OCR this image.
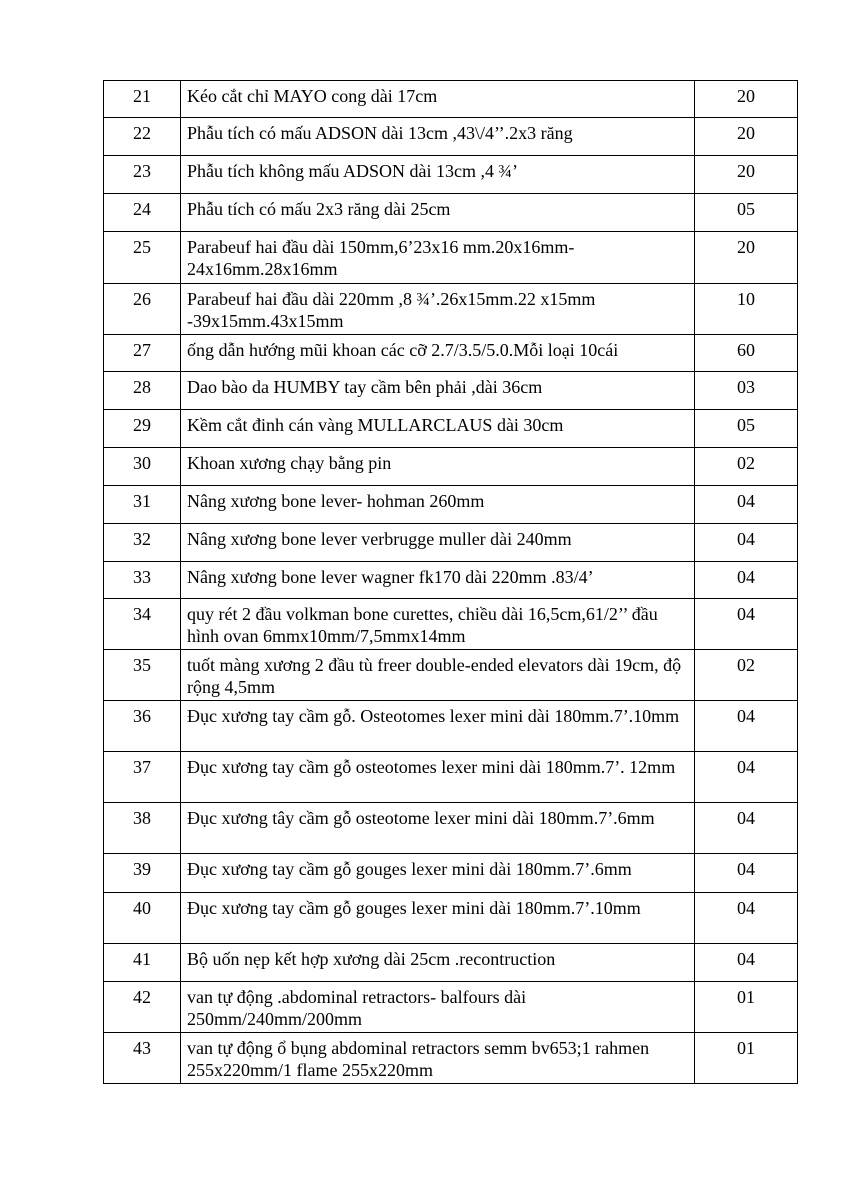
21	Kéo cắt chỉ MAYO cong dài 17cm	20
22	Phẫu tích có mấu ADSON dài 13cm ,43\/4’’.2x3 răng	20
23	Phẫu tích không mấu ADSON dài 13cm ,4 ¾’	20
24	Phẫu tích có mấu 2x3 răng dài 25cm	05
25	Parabeuf hai đầu dài 150mm,6’23x16 mm.20x16mm-24x16mm.28x16mm	20
26	Parabeuf hai đầu dài 220mm ,8 ¾’.26x15mm.22 x15mm -39x15mm.43x15mm	10
27	ống dẫn hướng mũi khoan các cỡ 2.7/3.5/5.0.Mỗi loại 10cái	60
28	Dao bào da HUMBY tay cầm bên phải ,dài 36cm	03
29	Kềm cắt đinh cán vàng MULLARCLAUS dài 30cm	05
30	Khoan xương chạy bằng pin	02
31	Nâng xương bone lever- hohman 260mm	04
32	Nâng xương bone lever verbrugge muller dài 240mm	04
33	Nâng xương bone lever wagner fk170 dài 220mm .83/4’	04
34	quy rét 2 đầu volkman bone curettes, chiều dài 16,5cm,61/2’’ đầu hình ovan 6mmx10mm/7,5mmx14mm	04
35	tuốt màng xương 2 đầu tù freer double-ended elevators dài 19cm, độ rộng 4,5mm	02
36	Đục xương tay cầm gỗ. Osteotomes lexer mini dài 180mm.7’.10mm	04
37	Đục xương tay cầm gỗ osteotomes lexer mini dài 180mm.7’. 12mm	04
38	Đục xương tây cầm gỗ osteotome lexer mini dài 180mm.7’.6mm	04
39	Đục xương tay cầm gỗ gouges lexer mini dài 180mm.7’.6mm	04
40	Đục xương tay cầm gỗ gouges lexer mini dài 180mm.7’.10mm	04
41	Bộ uốn nẹp kết hợp xương dài 25cm .recontruction	04
42	van tự động .abdominal retractors- balfours dài 250mm/240mm/200mm	01
43	van tự động ổ bụng abdominal retractors semm bv653;1 rahmen 255x220mm/1 flame 255x220mm	01
